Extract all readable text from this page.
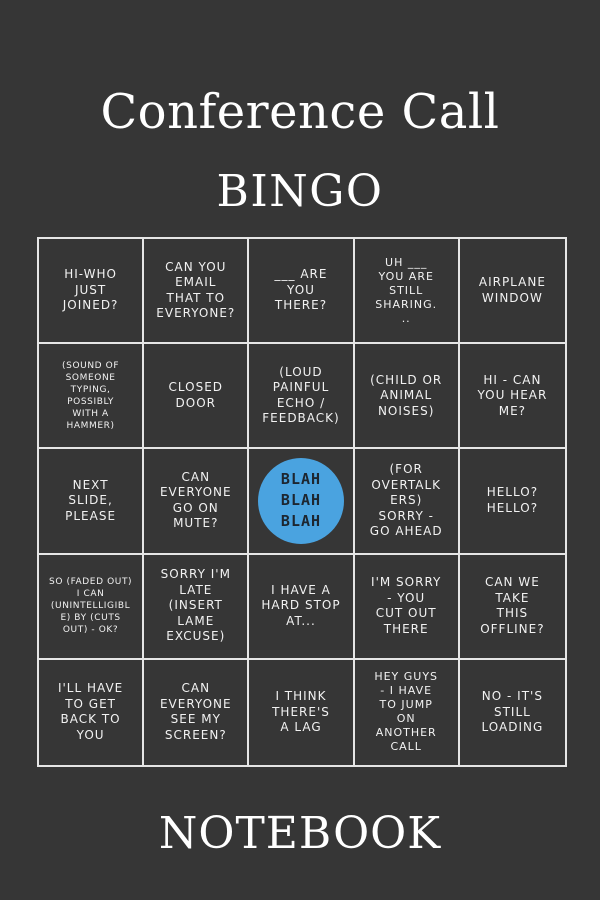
Conference Call
BINGO
HI-WHO
JUST
JOINED?
CAN YOU
EMAIL
THAT TO
EVERYONE?
___ ARE
YOU
THERE?
UH ___
YOU ARE
STILL
SHARING.
..
AIRPLANE
WINDOW
(SOUND OF
SOMEONE
TYPING,
POSSIBLY
WITH A
HAMMER)
CLOSED
DOOR
(LOUD
PAINFUL
ECHO /
FEEDBACK)
(CHILD OR
ANIMAL
NOISES)
HI - CAN
YOU HEAR
ME?
NEXT
SLIDE,
PLEASE
CAN
EVERYONE
GO ON
MUTE?
BLAH
BLAH
BLAH
(FOR
OVERTALK
ERS)
SORRY -
GO AHEAD
HELLO?
HELLO?
SO (FADED OUT)
I CAN
(UNINTELLIGIBL
E) BY (CUTS
OUT) - OK?
SORRY I'M
LATE
(INSERT
LAME
EXCUSE)
I HAVE A
HARD STOP
AT...
I'M SORRY
- YOU
CUT OUT
THERE
CAN WE
TAKE
THIS
OFFLINE?
I'LL HAVE
TO GET
BACK TO
YOU
CAN
EVERYONE
SEE MY
SCREEN?
I THINK
THERE'S
A LAG
HEY GUYS
- I HAVE
TO JUMP
ON
ANOTHER
CALL
NO - IT'S
STILL
LOADING
NOTEBOOK
